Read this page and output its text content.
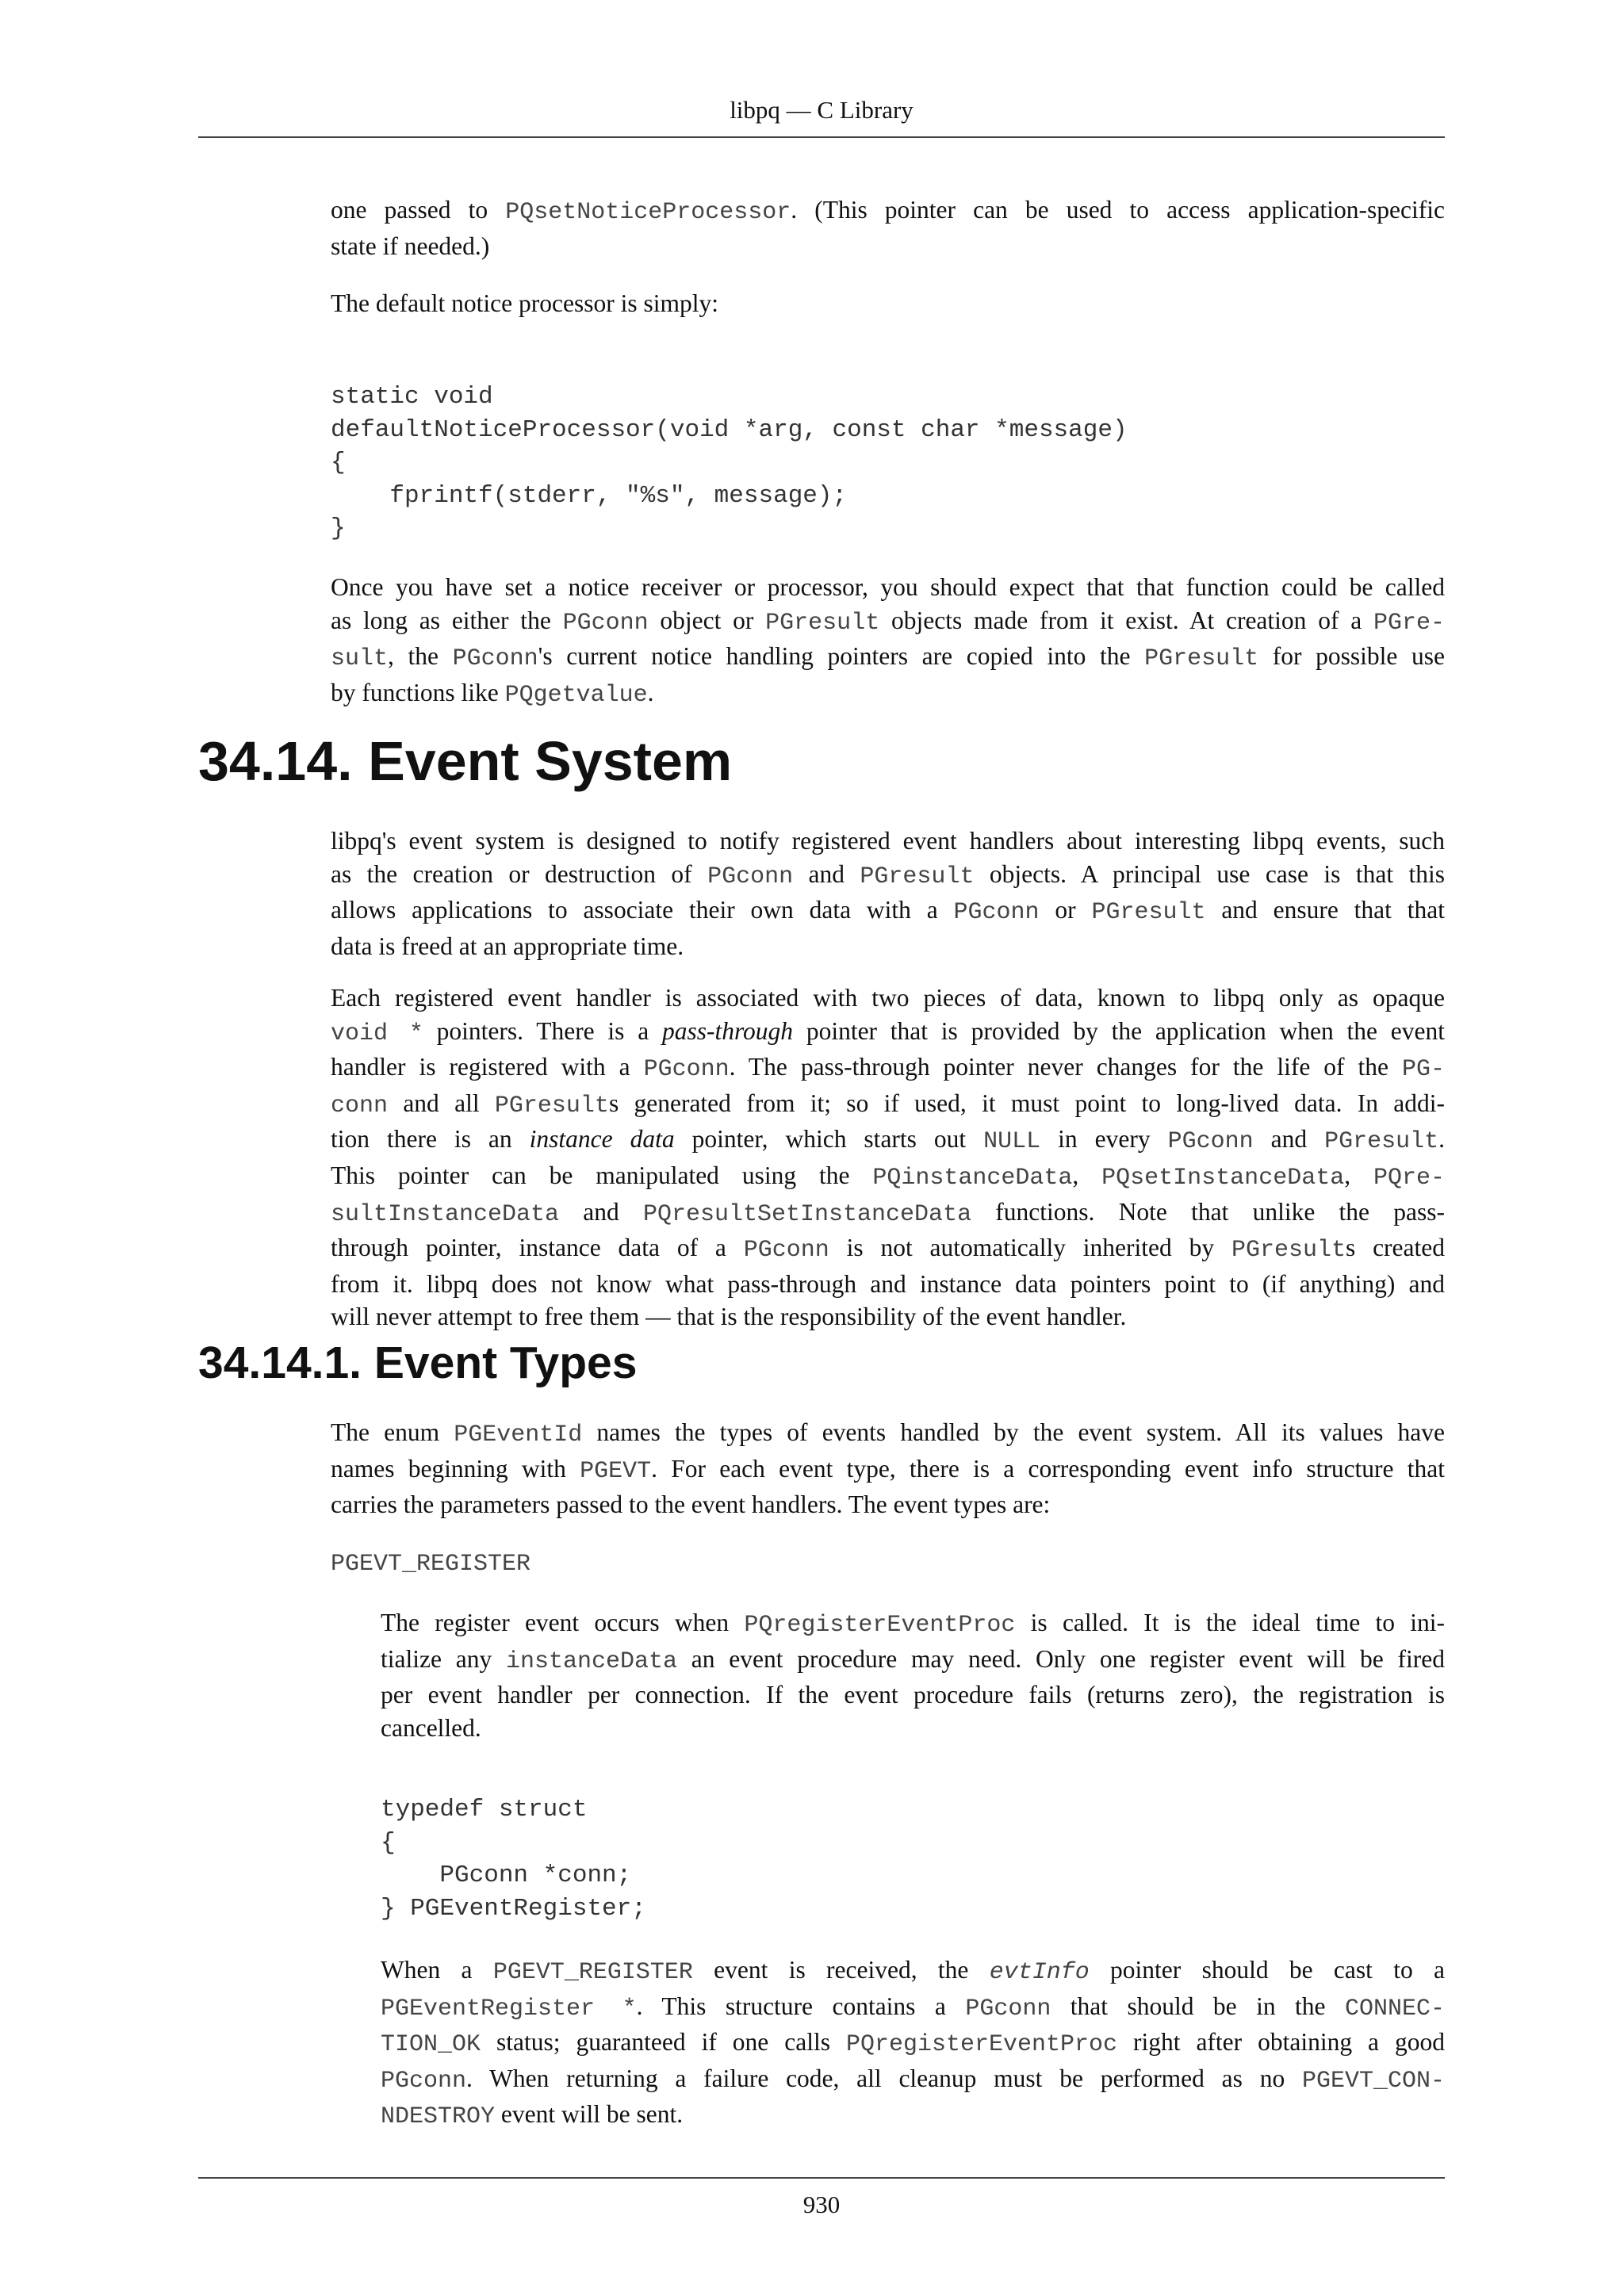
libpq — C Library

one passed to PQsetNoticeProcessor. (This pointer can be used to access application-specific
state if needed.)

The default notice processor is simply:

static void
defaultNoticeProcessor(void *arg, const char *message)
{
fprintf(stderr, "%s", message);
}

Once you have set a notice receiver or processor, you should expect that that function could be called
as long as either the PGconn object or PGresult objects made from it exist. At creation of a PGre-
sult, the PGconn's current notice handling pointers are copied into the PGresult for possible use
by functions like PQgetvalue.

34.14. Event System

libpq's event system is designed to notify registered event handlers about interesting libpq events, such
as the creation or destruction of PGconn and PGresult objects. A principal use case is that this
allows applications to associate their own data with a PGconn or PGresult and ensure that that
data is freed at an appropriate time.

Each registered event handler is associated with two pieces of data, known to libpq only as opaque
void * pointers. There is a pass-through pointer that is provided by the application when the event
handler is registered with a PGconn. The pass-through pointer never changes for the life of the PG-
conn and all PGresults generated from it; so if used, it must point to long-lived data. In addi-
tion there is an instance data pointer, which starts out NULL in every PGconn and PGresult.
This pointer can be manipulated using the PQinstanceData, PQsetInstanceData, PQre-
sultInstanceData and PQresultSetInstanceData functions. Note that unlike the pass-
through pointer, instance data of a PGconn is not automatically inherited by PGresults created
from it. libpq does not know what pass-through and instance data pointers point to (if anything) and
will never attempt to free them — that is the responsibility of the event handler.

34.14.1. Event Types

The enum PGEventId names the types of events handled by the event system. All its values have
names beginning with PGEVT. For each event type, there is a corresponding event info structure that
carries the parameters passed to the event handlers. The event types are:

PGEVT_REGISTER

The register event occurs when PQregisterEventProc is called. It is the ideal time to ini-
tialize any instanceData an event procedure may need. Only one register event will be fired
per event handler per connection. If the event procedure fails (returns zero), the registration is
cancelled.

typedef struct
{
PGconn *conn;
} PGEventRegister;

When a PGEVT_REGISTER event is received, the evtInfo pointer should be cast to a
PGEventRegister *. This structure contains a PGconn that should be in the CONNEC-
TION_OK status; guaranteed if one calls PQregisterEventProc right after obtaining a good
PGconn. When returning a failure code, all cleanup must be performed as no PGEVT_CON-
NDESTROY event will be sent.

930
